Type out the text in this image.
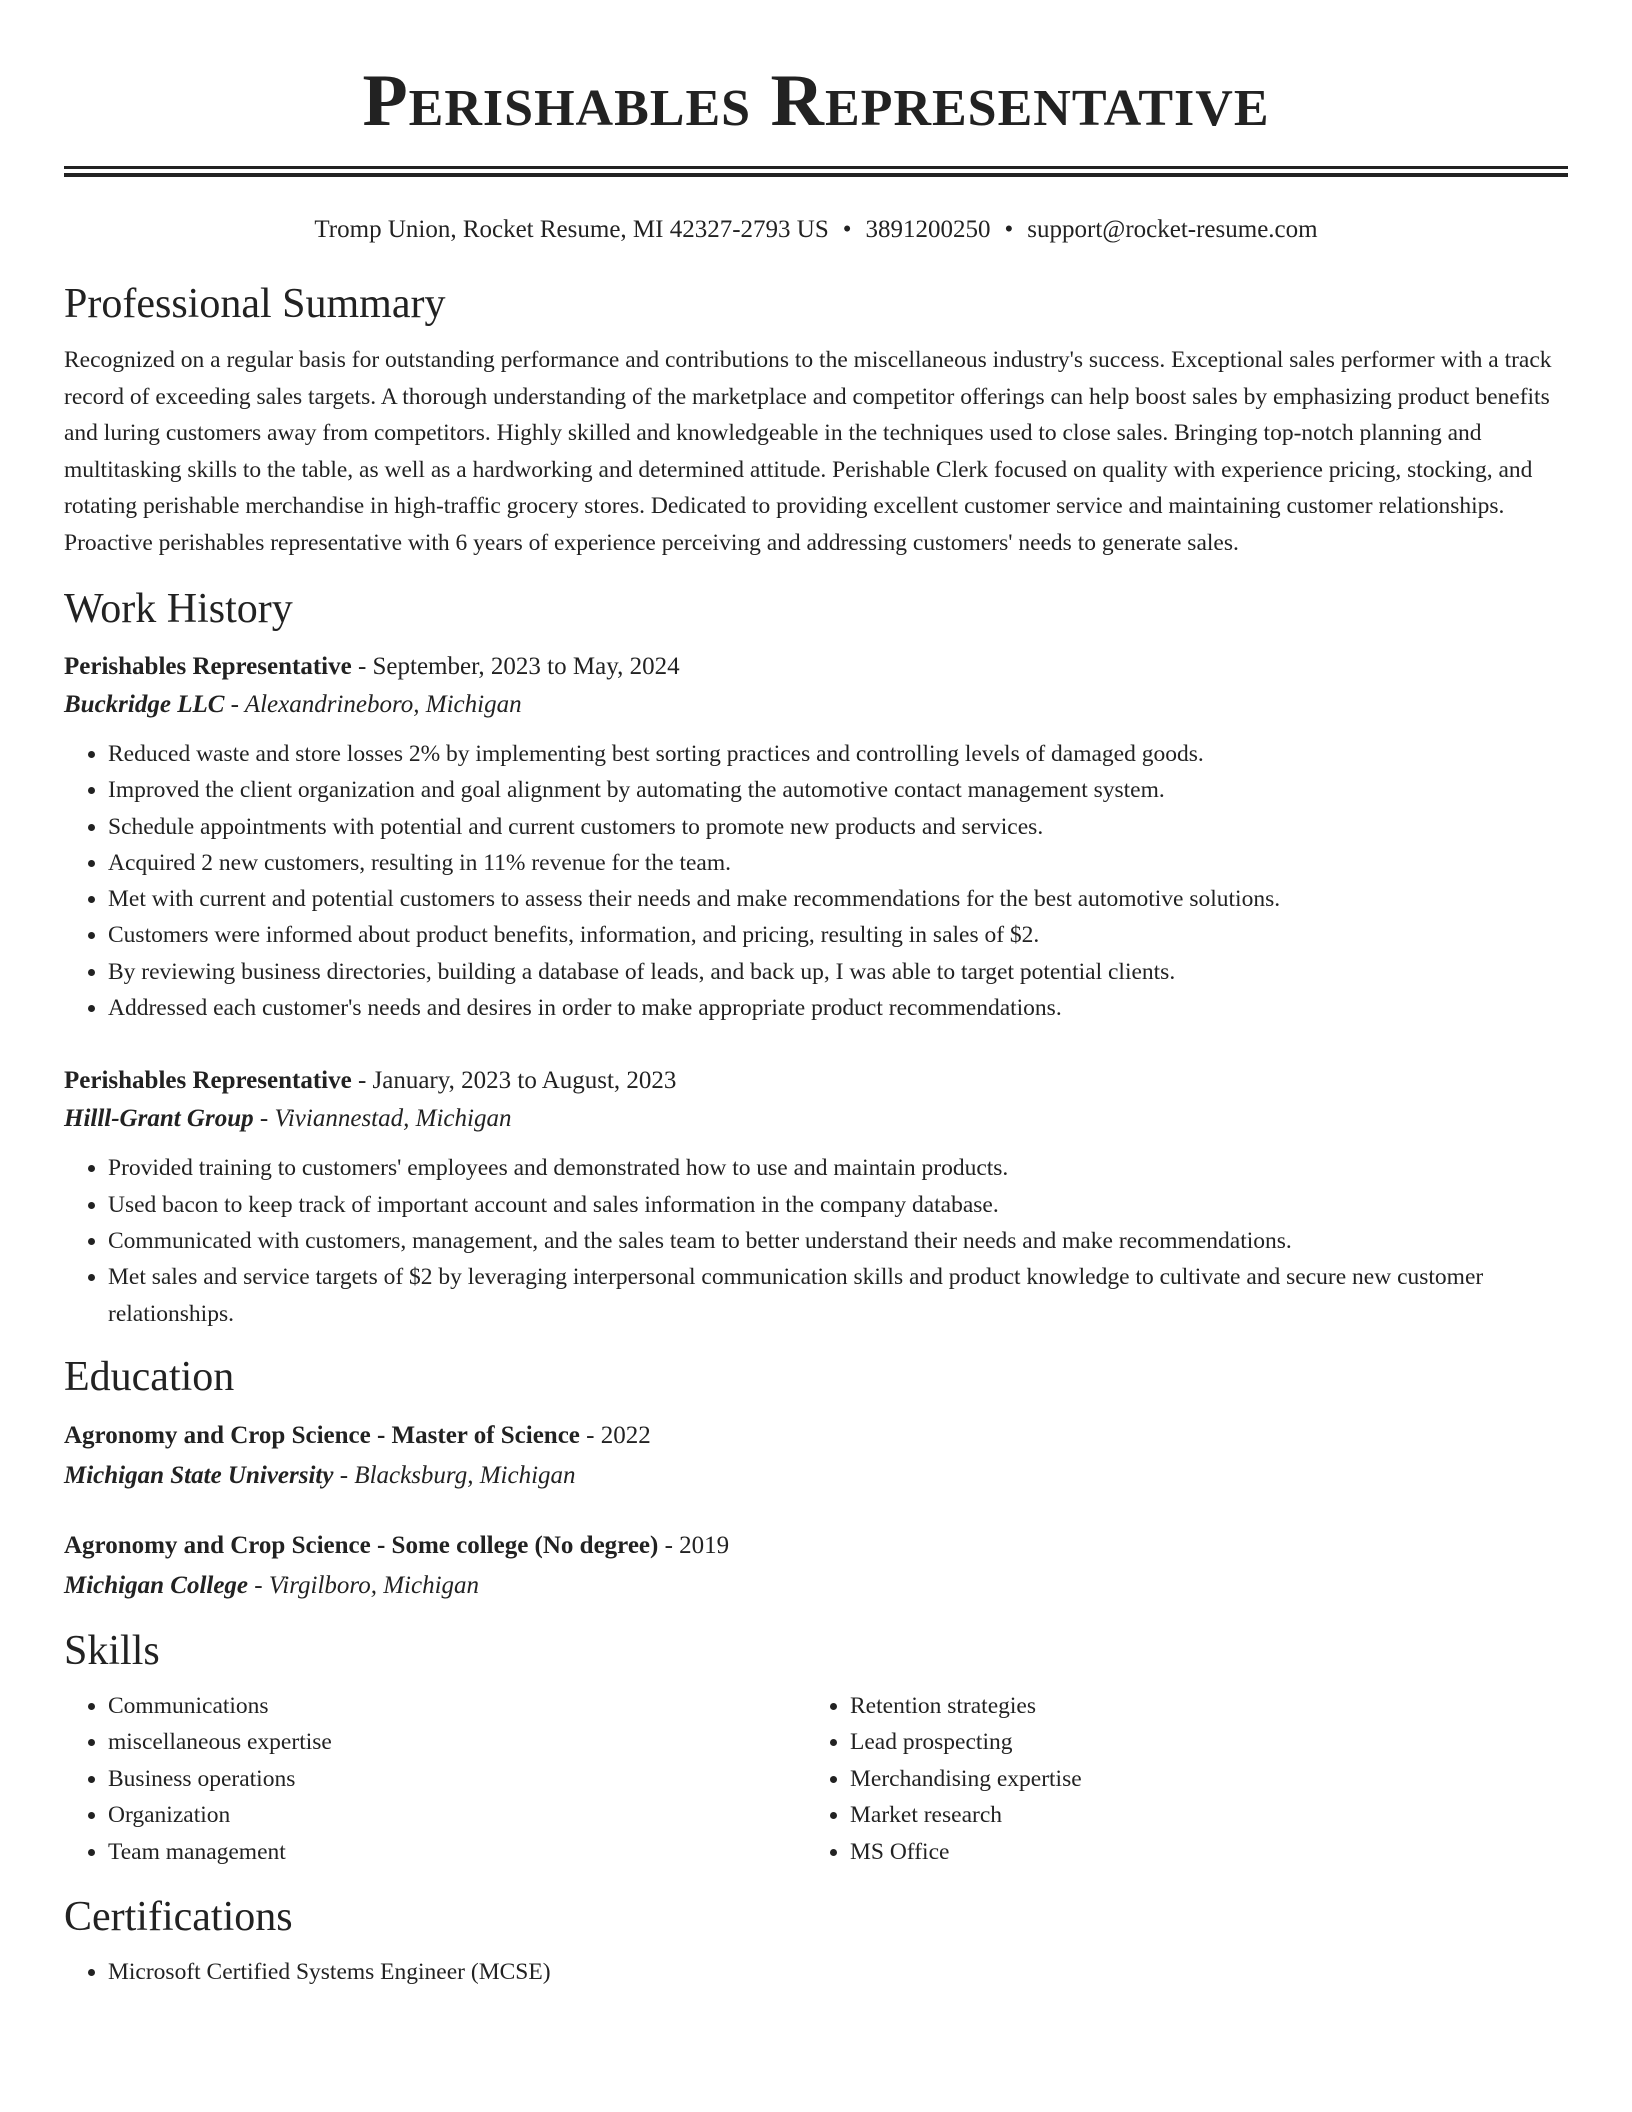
Perishables Representative
Tromp Union, Rocket Resume, MI 42327-2793 US • 3891200250 • support@rocket-resume.com
Professional Summary
Recognized on a regular basis for outstanding performance and contributions to the miscellaneous industry's success. Exceptional sales performer with a track record of exceeding sales targets. A thorough understanding of the marketplace and competitor offerings can help boost sales by emphasizing product benefits and luring customers away from competitors. Highly skilled and knowledgeable in the techniques used to close sales. Bringing top-notch planning and multitasking skills to the table, as well as a hardworking and determined attitude. Perishable Clerk focused on quality with experience pricing, stocking, and rotating perishable merchandise in high-traffic grocery stores. Dedicated to providing excellent customer service and maintaining customer relationships. Proactive perishables representative with 6 years of experience perceiving and addressing customers' needs to generate sales.
Work History
Perishables Representative - September, 2023 to May, 2024
Buckridge LLC - Alexandrineboro, Michigan
• Reduced waste and store losses 2% by implementing best sorting practices and controlling levels of damaged goods.
• Improved the client organization and goal alignment by automating the automotive contact management system.
• Schedule appointments with potential and current customers to promote new products and services.
• Acquired 2 new customers, resulting in 11% revenue for the team.
• Met with current and potential customers to assess their needs and make recommendations for the best automotive solutions.
• Customers were informed about product benefits, information, and pricing, resulting in sales of $2.
• By reviewing business directories, building a database of leads, and back up, I was able to target potential clients.
• Addressed each customer's needs and desires in order to make appropriate product recommendations.
Perishables Representative - January, 2023 to August, 2023
Hilll-Grant Group - Viviannestad, Michigan
• Provided training to customers' employees and demonstrated how to use and maintain products.
• Used bacon to keep track of important account and sales information in the company database.
• Communicated with customers, management, and the sales team to better understand their needs and make recommendations.
• Met sales and service targets of $2 by leveraging interpersonal communication skills and product knowledge to cultivate and secure new customer relationships.
Education
Agronomy and Crop Science - Master of Science - 2022
Michigan State University - Blacksburg, Michigan
Agronomy and Crop Science - Some college (No degree) - 2019
Michigan College - Virgilboro, Michigan
Skills
• Communications
• miscellaneous expertise
• Business operations
• Organization
• Team management
• Retention strategies
• Lead prospecting
• Merchandising expertise
• Market research
• MS Office
Certifications
• Microsoft Certified Systems Engineer (MCSE)
